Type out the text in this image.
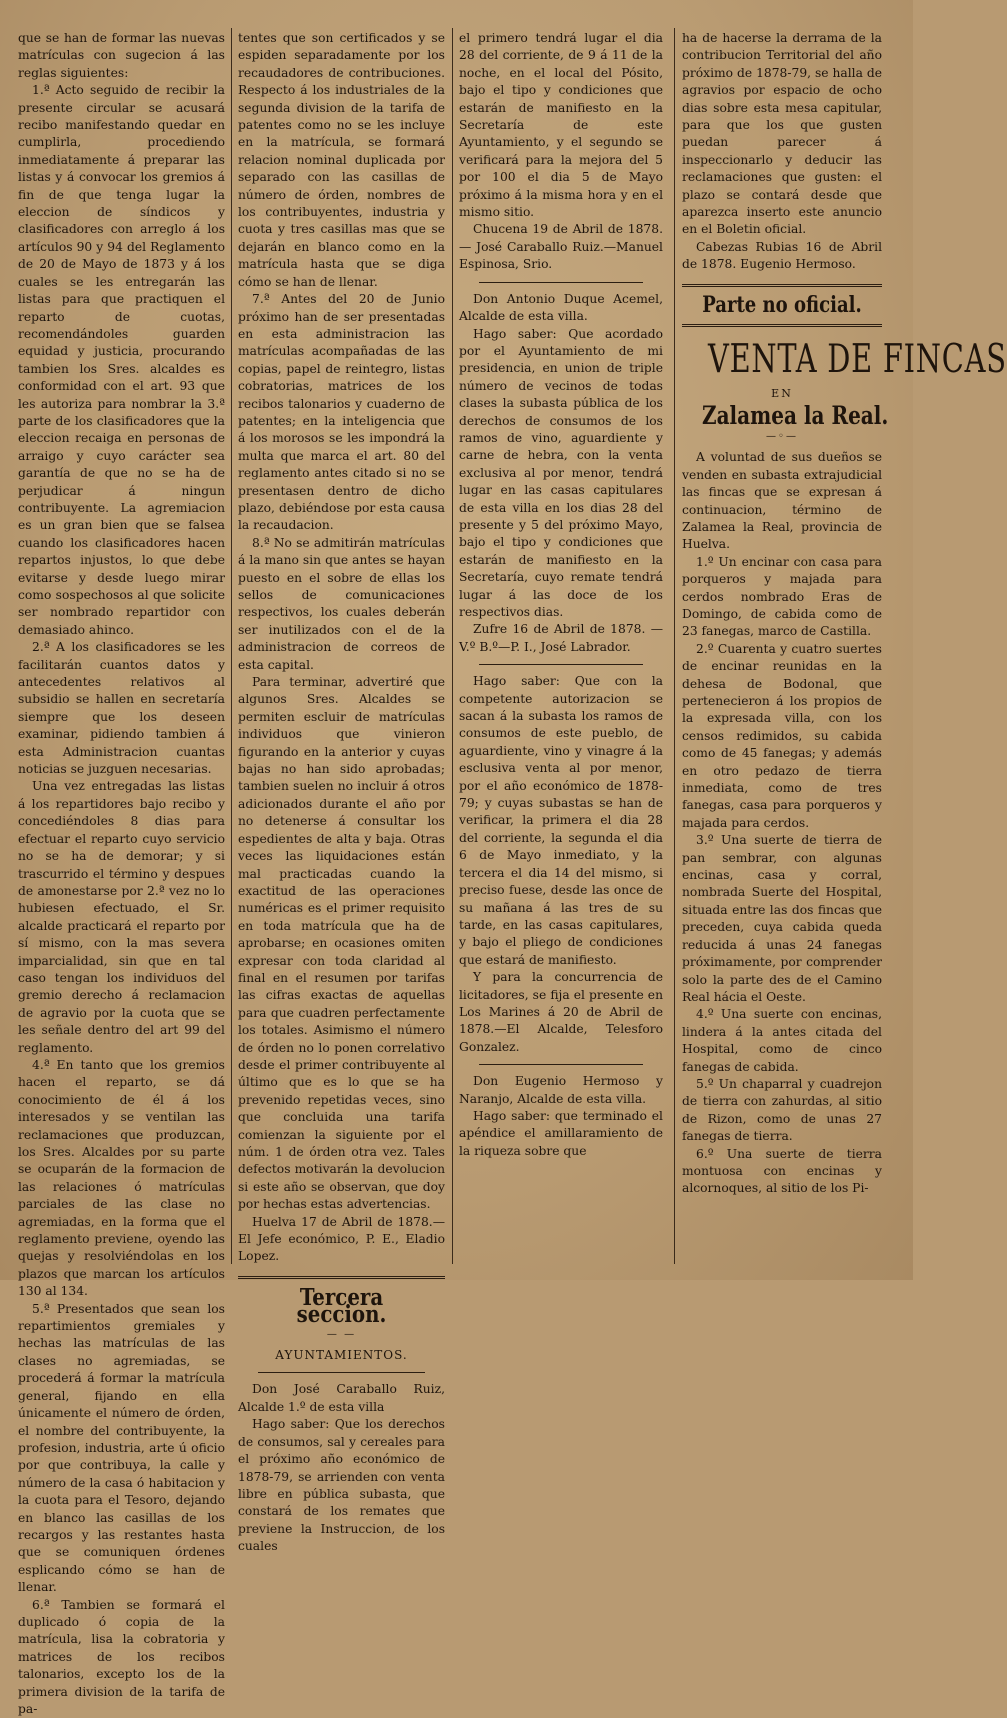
que se han de formar las nuevas matrículas con sugecion á las reglas siguientes:

1.ª Acto seguido de recibir la presente circular se acusará recibo manifestando quedar en cumplirla, procediendo inmediatamente á preparar las listas y á convocar los gremios á fin de que tenga lugar la eleccion de síndicos y clasificadores con arreglo á los artículos 90 y 94 del Reglamento de 20 de Mayo de 1873 y á los cuales se les entregarán las listas para que practiquen el reparto de cuotas, recomendándoles guarden equidad y justicia, procurando tambien los Sres. alcaldes es conformidad con el art. 93 que les autoriza para nombrar la 3.ª parte de los clasificadores que la eleccion recaiga en personas de arraigo y cuyo carácter sea garantía de que no se ha de perjudicar á ningun contribuyente. La agremiacion es un gran bien que se falsea cuando los clasificadores hacen repartos injustos, lo que debe evitarse y desde luego mirar como sospechosos al que solicite ser nombrado repartidor con demasiado ahinco.

2.ª A los clasificadores se les facilitarán cuantos datos y antecedentes relativos al subsidio se hallen en secretaría siempre que los deseen examinar, pidiendo tambien á esta Administracion cuantas noticias se juzguen necesarias.

Una vez entregadas las listas á los repartidores bajo recibo y concediéndoles 8 dias para efectuar el reparto cuyo servicio no se ha de demorar; y si trascurrido el término y despues de amonestarse por 2.ª vez no lo hubiesen efectuado, el Sr. alcalde practicará el reparto por sí mismo, con la mas severa imparcialidad, sin que en tal caso tengan los individuos del gremio derecho á reclamacion de agravio por la cuota que se les señale dentro del art 99 del reglamento.

4.ª En tanto que los gremios hacen el reparto, se dá conocimiento de él á los interesados y se ventilan las reclamaciones que produzcan, los Sres. Alcaldes por su parte se ocuparán de la formacion de las relaciones ó matrículas parciales de las clase no agremiadas, en la forma que el reglamento previene, oyendo las quejas y resolviéndolas en los plazos que marcan los artículos 130 al 134.

5.ª Presentados que sean los repartimientos gremiales y hechas las matrículas de las clases no agremiadas, se procederá á formar la matrícula general, fijando en ella únicamente el número de órden, el nombre del contribuyente, la profesion, industria, arte ú oficio por que contribuya, la calle y número de la casa ó habitacion y la cuota para el Tesoro, dejando en blanco las casillas de los recargos y las restantes hasta que se comuniquen órdenes esplicando cómo se han de llenar.

6.ª Tambien se formará el duplicado ó copia de la matrícula, lisa la cobratoria y matrices de los recibos talonarios, excepto los de la primera division de la tarifa de pa-

tentes que son certificados y se espiden separadamente por los recaudadores de contribuciones. Respecto á los industriales de la segunda division de la tarifa de patentes como no se les incluye en la matrícula, se formará relacion nominal duplicada por separado con las casillas de número de órden, nombres de los contribuyentes, industria y cuota y tres casillas mas que se dejarán en blanco como en la matrícula hasta que se diga cómo se han de llenar.

7.ª Antes del 20 de Junio próximo han de ser presentadas en esta administracion las matrículas acompañadas de las copias, papel de reintegro, listas cobratorias, matrices de los recibos talonarios y cuaderno de patentes; en la inteligencia que á los morosos se les impondrá la multa que marca el art. 80 del reglamento antes citado si no se presentasen dentro de dicho plazo, debiéndose por esta causa la recaudacion.

8.ª No se admitirán matrículas á la mano sin que antes se hayan puesto en el sobre de ellas los sellos de comunicaciones respectivos, los cuales deberán ser inutilizados con el de la administracion de correos de esta capital.

Para terminar, advertiré que algunos Sres. Alcaldes se permiten escluir de matrículas individuos que vinieron figurando en la anterior y cuyas bajas no han sido aprobadas; tambien suelen no incluir á otros adicionados durante el año por no detenerse á consultar los espedientes de alta y baja. Otras veces las liquidaciones están mal practicadas cuando la exactitud de las operaciones numéricas es el primer requisito en toda matrícula que ha de aprobarse; en ocasiones omiten expresar con toda claridad al final en el resumen por tarifas las cifras exactas de aquellas para que cuadren perfectamente los totales. Asimismo el número de órden no lo ponen correlativo desde el primer contribuyente al último que es lo que se ha prevenido repetidas veces, sino que concluida una tarifa comienzan la siguiente por el núm. 1 de órden otra vez. Tales defectos motivarán la devolucion si este año se observan, que doy por hechas estas advertencias.

Huelva 17 de Abril de 1878.— El Jefe económico, P. E., Eladio Lopez.

Tercera seccion.
— —
AYUNTAMIENTOS.

Don José Caraballo Ruiz, Alcalde 1.º de esta villa

Hago saber: Que los derechos de consumos, sal y cereales para el próximo año económico de 1878-79, se arrienden con venta libre en pública subasta, que constará de los remates que previene la Instruccion, de los cuales

el primero tendrá lugar el dia 28 del corriente, de 9 á 11 de la noche, en el local del Pósito, bajo el tipo y condiciones que estarán de manifiesto en la Secretaría de este Ayuntamiento, y el segundo se verificará para la mejora del 5 por 100 el dia 5 de Mayo próximo á la misma hora y en el mismo sitio.

Chucena 19 de Abril de 1878.— José Caraballo Ruiz.—Manuel Espinosa, Srio.

Don Antonio Duque Acemel, Alcalde de esta villa.

Hago saber: Que acordado por el Ayuntamiento de mi presidencia, en union de triple número de vecinos de todas clases la subasta pública de los derechos de consumos de los ramos de vino, aguardiente y carne de hebra, con la venta exclusiva al por menor, tendrá lugar en las casas capitulares de esta villa en los dias 28 del presente y 5 del próximo Mayo, bajo el tipo y condiciones que estarán de manifiesto en la Secretaría, cuyo remate tendrá lugar á las doce de los respectivos dias.

Zufre 16 de Abril de 1878. —V.º B.º—P. I., José Labrador.

Hago saber: Que con la competente autorizacion se sacan á la subasta los ramos de consumos de este pueblo, de aguardiente, vino y vinagre á la esclusiva venta al por menor, por el año económico de 1878-79; y cuyas subastas se han de verificar, la primera el dia 28 del corriente, la segunda el dia 6 de Mayo inmediato, y la tercera el dia 14 del mismo, si preciso fuese, desde las once de su mañana á las tres de su tarde, en las casas capitulares, y bajo el pliego de condiciones que estará de manifiesto.

Y para la concurrencia de licitadores, se fija el presente en Los Marines á 20 de Abril de 1878.—El Alcalde, Telesforo Gonzalez.

Don Eugenio Hermoso y Naranjo, Alcalde de esta villa.

Hago saber: que terminado el apéndice el amillaramiento de la riqueza sobre que

ha de hacerse la derrama de la contribucion Territorial del año próximo de 1878-79, se halla de agravios por espacio de ocho dias sobre esta mesa capitular, para que los que gusten puedan parecer á inspeccionarlo y deducir las reclamaciones que gusten: el plazo se contará desde que aparezca inserto este anuncio en el Boletin oficial.

Cabezas Rubias 16 de Abril de 1878. Eugenio Hermoso.

Parte no oficial.
VENTA DE FINCAS
EN
Zalamea la Real.
—◦—

A voluntad de sus dueños se venden en subasta extrajudicial las fincas que se expresan á continuacion, término de Zalamea la Real, provincia de Huelva.

1.º Un encinar con casa para porqueros y majada para cerdos nombrado Eras de Domingo, de cabida como de 23 fanegas, marco de Castilla.

2.º Cuarenta y cuatro suertes de encinar reunidas en la dehesa de Bodonal, que pertenecieron á los propios de la expresada villa, con los censos redimidos, su cabida como de 45 fanegas; y además en otro pedazo de tierra inmediata, como de tres fanegas, casa para porqueros y majada para cerdos.

3.º Una suerte de tierra de pan sembrar, con algunas encinas, casa y corral, nombrada Suerte del Hospital, situada entre las dos fincas que preceden, cuya cabida queda reducida á unas 24 fanegas próximamente, por comprender solo la parte des de el Camino Real hácia el Oeste.

4.º Una suerte con encinas, lindera á la antes citada del Hospital, como de cinco fanegas de cabida.

5.º Un chaparral y cuadrejon de tierra con zahurdas, al sitio de Rizon, como de unas 27 fanegas de tierra.

6.º Una suerte de tierra montuosa con encinas y alcornoques, al sitio de los Pi-
